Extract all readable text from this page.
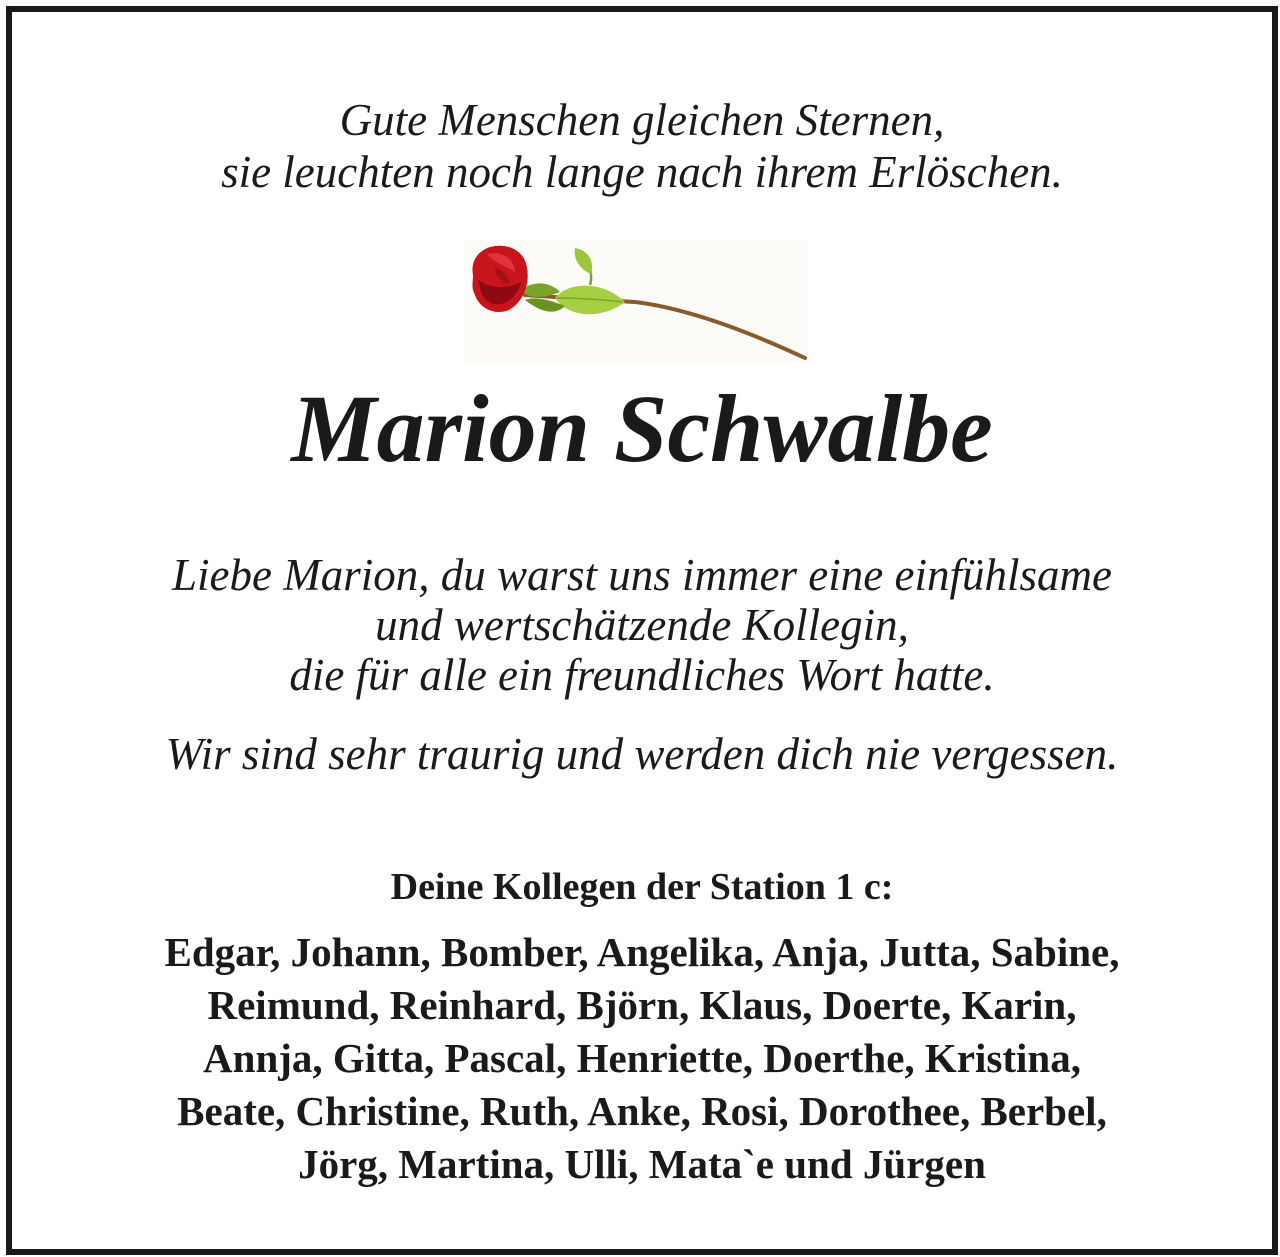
Gute Menschen gleichen Sternen,
sie leuchten noch lange nach ihrem Erlöschen.
Marion Schwalbe
Liebe Marion, du warst uns immer eine einfühlsame
und wertschätzende Kollegin,
die für alle ein freundliches Wort hatte.
Wir sind sehr traurig und werden dich nie vergessen.
Deine Kollegen der Station 1 c:
Edgar, Johann, Bomber, Angelika, Anja, Jutta, Sabine,
Reimund, Reinhard, Björn, Klaus, Doerte, Karin,
Annja, Gitta, Pascal, Henriette, Doerthe, Kristina,
Beate, Christine, Ruth, Anke, Rosi, Dorothee, Berbel,
Jörg, Martina, Ulli, Mata`e und Jürgen
